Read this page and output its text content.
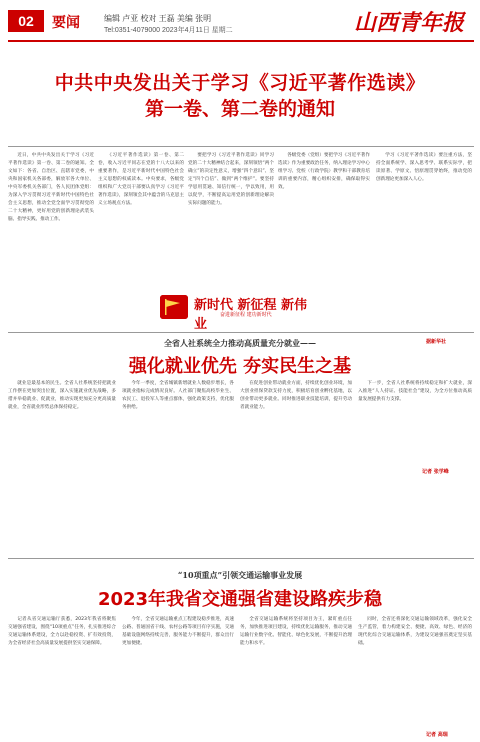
02	要闻	编辑 卢亚 校对 王磊 美编 张明
Tel:0351-4079000 2023年4月11日 星期二	山西青年报
中共中央发出关于学习《习近平著作选读》
第一卷、第二卷的通知

近日，中共中央发出关于学习《习近平著作选读》第一卷、第二卷的通知。全文如下：各省、自治区、直辖市党委，中央和国家机关各部委，解放军各大单位、中央军委机关各部门，各人民团体党组：为深入学习贯彻习近平新时代中国特色社会主义思想，推动全党全面学习贯彻党的二十大精神，更好用党的创新理论武装头脑、指导实践、推动工作。

《习近平著作选读》第一卷、第二卷，收入习近平同志在党的十八大以来的重要著作，是习近平新时代中国特色社会主义思想的权威读本。中央要求，各级党组织和广大党员干部要认真学习《习近平著作选读》，深刻领会其中蕴含的马克思主义立场观点方法。

要把学习《习近平著作选读》同学习党的二十大精神结合起来，深刻领悟“两个确立”的决定性意义，增强“四个意识”、坚定“四个自信”、做到“两个维护”。要坚持学思用贯通、知信行统一，学以致用，用以促学，不断提高运用党的创新理论解决实际问题的能力。

各级党委（党组）要把学习《习近平著作选读》作为重要政治任务，纳入理论学习中心组学习、党校（行政学院）教学和干部教育培训的重要内容，精心组织安排，确保取得实效。

学习《习近平著作选读》要注重方法，坚持全面系统学、深入思考学、联系实际学，把读原著、学原文、悟原理贯穿始终，推动党的创新理论更加深入人心。

据新华社
新时代 新征程 新伟业
奋进新征程 建功新时代
全省人社系统全力推动高质量充分就业——
强化就业优先 夯实民生之基

就业是最基本的民生。全省人社系统坚持把就业工作摆在更加突出位置，深入实施就业优先战略，多措并举稳就业、促就业，推动实现更加充分更高质量就业，全省就业形势总体保持稳定。

今年一季度，全省城镇新增就业人数稳步增长，各项就业指标完成情况良好。人社部门聚焦高校毕业生、农民工、退役军人等重点群体，强化政策支持，优化服务供给。

在促进创业带动就业方面，持续优化创业环境，加大创业担保贷款支持力度，积极培育创业孵化基地，以创业带动更多就业。同时推进职业技能培训，提升劳动者就业能力。

下一步，全省人社系统将持续稳定和扩大就业，深入推进“人人持证、技能社会”建设，为全方位推动高质量发展提供有力支撑。

记者 张学峰
“10项重点”引领交通运输事业发展
2023年我省交通强省建设路疾步稳

记者从省交通运输厅获悉，2023年我省将聚焦交通强省建设，围绕“10项重点”任务，扎实推进综合交通运输体系建设，全力以赴稳投资、扩有效投资，为全省经济社会高质量发展提供坚实交通保障。

今年，全省交通运输重点工程建设稳步推进，高速公路、普通国省干线、农村公路等项目有序实施，交通基础设施网络持续完善，服务能力不断提升，群众出行更加便捷。

全省交通运输系统将坚持项目为王，紧盯重点任务，加快推进项目建设，持续优化运输服务，推动交通运输行业数字化、智能化、绿色化发展，不断提升治理能力和水平。

同时，全省还将深化交通运输领域改革，强化安全生产监管，着力构建安全、便捷、高效、绿色、经济的现代化综合交通运输体系，为建设交通强省奠定坚实基础。

记者 高瑞
